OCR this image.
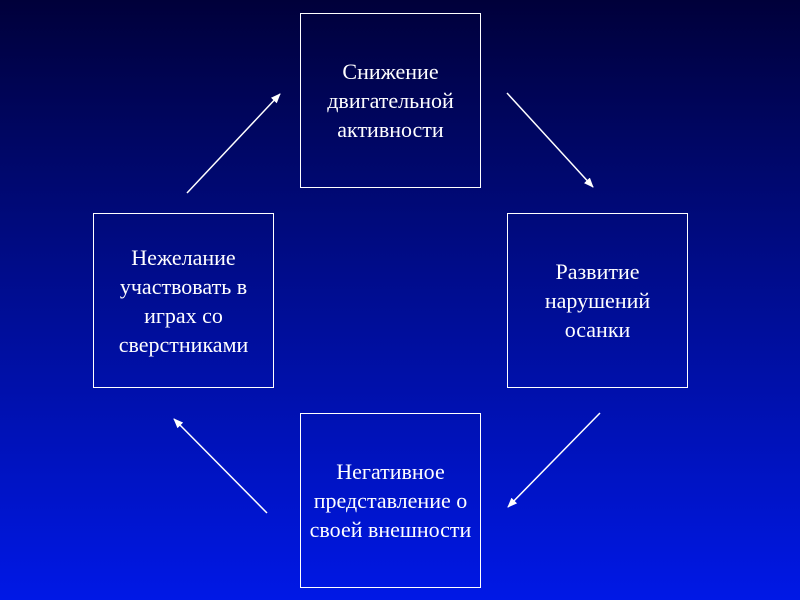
Снижение двигательной активности
Развитие нарушений осанки
Негативное представление о своей внешности
Нежелание участвовать в играх со сверстниками
